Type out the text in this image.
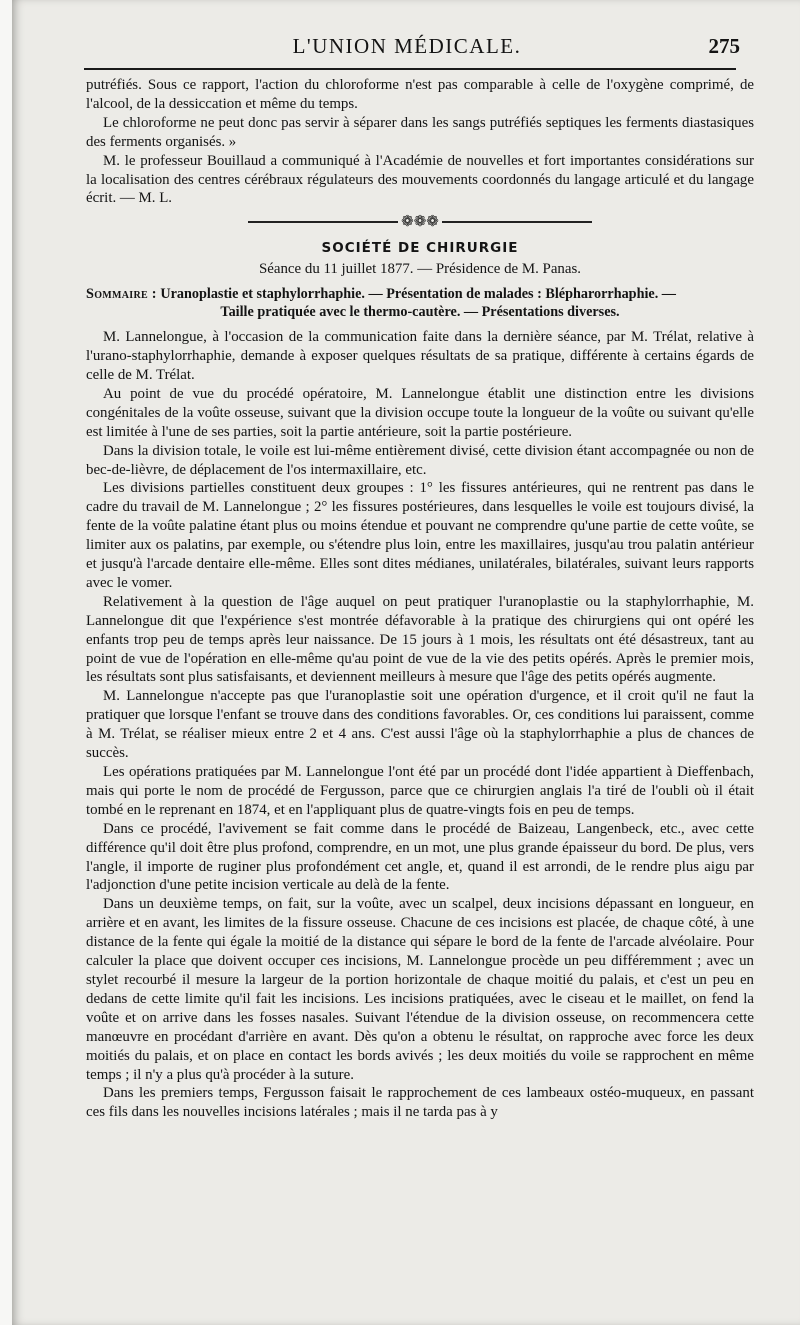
L'UNION MÉDICALE.	275

putréfiés. Sous ce rapport, l'action du chloroforme n'est pas comparable à celle de l'oxygène comprimé, de l'alcool, de la dessiccation et même du temps.

Le chloroforme ne peut donc pas servir à séparer dans les sangs putréfiés septiques les ferments diastasiques des ferments organisés. »

M. le professeur Bouillaud a communiqué à l'Académie de nouvelles et fort importantes considérations sur la localisation des centres cérébraux régulateurs des mouvements coordonnés du langage articulé et du langage écrit. — M. L.

❁❁❁
SOCIÉTÉ DE CHIRURGIE
Séance du 11 juillet 1877. — Présidence de M. Panas.
Sommaire : Uranoplastie et staphylorrhaphie. — Présentation de malades : Blépharorrhaphie. —
Taille pratiquée avec le thermo-cautère. — Présentations diverses.

M. Lannelongue, à l'occasion de la communication faite dans la dernière séance, par M. Trélat, relative à l'urano-staphylorrhaphie, demande à exposer quelques résultats de sa pratique, différente à certains égards de celle de M. Trélat.

Au point de vue du procédé opératoire, M. Lannelongue établit une distinction entre les divisions congénitales de la voûte osseuse, suivant que la division occupe toute la longueur de la voûte ou suivant qu'elle est limitée à l'une de ses parties, soit la partie antérieure, soit la partie postérieure.

Dans la division totale, le voile est lui-même entièrement divisé, cette division étant accompagnée ou non de bec-de-lièvre, de déplacement de l'os intermaxillaire, etc.

Les divisions partielles constituent deux groupes : 1° les fissures antérieures, qui ne rentrent pas dans le cadre du travail de M. Lannelongue ; 2° les fissures postérieures, dans lesquelles le voile est toujours divisé, la fente de la voûte palatine étant plus ou moins étendue et pouvant ne comprendre qu'une partie de cette voûte, se limiter aux os palatins, par exemple, ou s'étendre plus loin, entre les maxillaires, jusqu'au trou palatin antérieur et jusqu'à l'arcade dentaire elle-même. Elles sont dites médianes, unilatérales, bilatérales, suivant leurs rapports avec le vomer.

Relativement à la question de l'âge auquel on peut pratiquer l'uranoplastie ou la staphylorrhaphie, M. Lannelongue dit que l'expérience s'est montrée défavorable à la pratique des chirurgiens qui ont opéré les enfants trop peu de temps après leur naissance. De 15 jours à 1 mois, les résultats ont été désastreux, tant au point de vue de l'opération en elle-même qu'au point de vue de la vie des petits opérés. Après le premier mois, les résultats sont plus satisfaisants, et deviennent meilleurs à mesure que l'âge des petits opérés augmente.

M. Lannelongue n'accepte pas que l'uranoplastie soit une opération d'urgence, et il croit qu'il ne faut la pratiquer que lorsque l'enfant se trouve dans des conditions favorables. Or, ces conditions lui paraissent, comme à M. Trélat, se réaliser mieux entre 2 et 4 ans. C'est aussi l'âge où la staphylorrhaphie a plus de chances de succès.

Les opérations pratiquées par M. Lannelongue l'ont été par un procédé dont l'idée appartient à Dieffenbach, mais qui porte le nom de procédé de Fergusson, parce que ce chirurgien anglais l'a tiré de l'oubli où il était tombé en le reprenant en 1874, et en l'appliquant plus de quatre-vingts fois en peu de temps.

Dans ce procédé, l'avivement se fait comme dans le procédé de Baizeau, Langenbeck, etc., avec cette différence qu'il doit être plus profond, comprendre, en un mot, une plus grande épaisseur du bord. De plus, vers l'angle, il importe de ruginer plus profondément cet angle, et, quand il est arrondi, de le rendre plus aigu par l'adjonction d'une petite incision verticale au delà de la fente.

Dans un deuxième temps, on fait, sur la voûte, avec un scalpel, deux incisions dépassant en longueur, en arrière et en avant, les limites de la fissure osseuse. Chacune de ces incisions est placée, de chaque côté, à une distance de la fente qui égale la moitié de la distance qui sépare le bord de la fente de l'arcade alvéolaire. Pour calculer la place que doivent occuper ces incisions, M. Lannelongue procède un peu différemment ; avec un stylet recourbé il mesure la largeur de la portion horizontale de chaque moitié du palais, et c'est un peu en dedans de cette limite qu'il fait les incisions. Les incisions pratiquées, avec le ciseau et le maillet, on fend la voûte et on arrive dans les fosses nasales. Suivant l'étendue de la division osseuse, on recommencera cette manœuvre en procédant d'arrière en avant. Dès qu'on a obtenu le résultat, on rapproche avec force les deux moitiés du palais, et on place en contact les bords avivés ; les deux moitiés du voile se rapprochent en même temps ; il n'y a plus qu'à procéder à la suture.

Dans les premiers temps, Fergusson faisait le rapprochement de ces lambeaux ostéo-muqueux, en passant ces fils dans les nouvelles incisions latérales ; mais il ne tarda pas à y
